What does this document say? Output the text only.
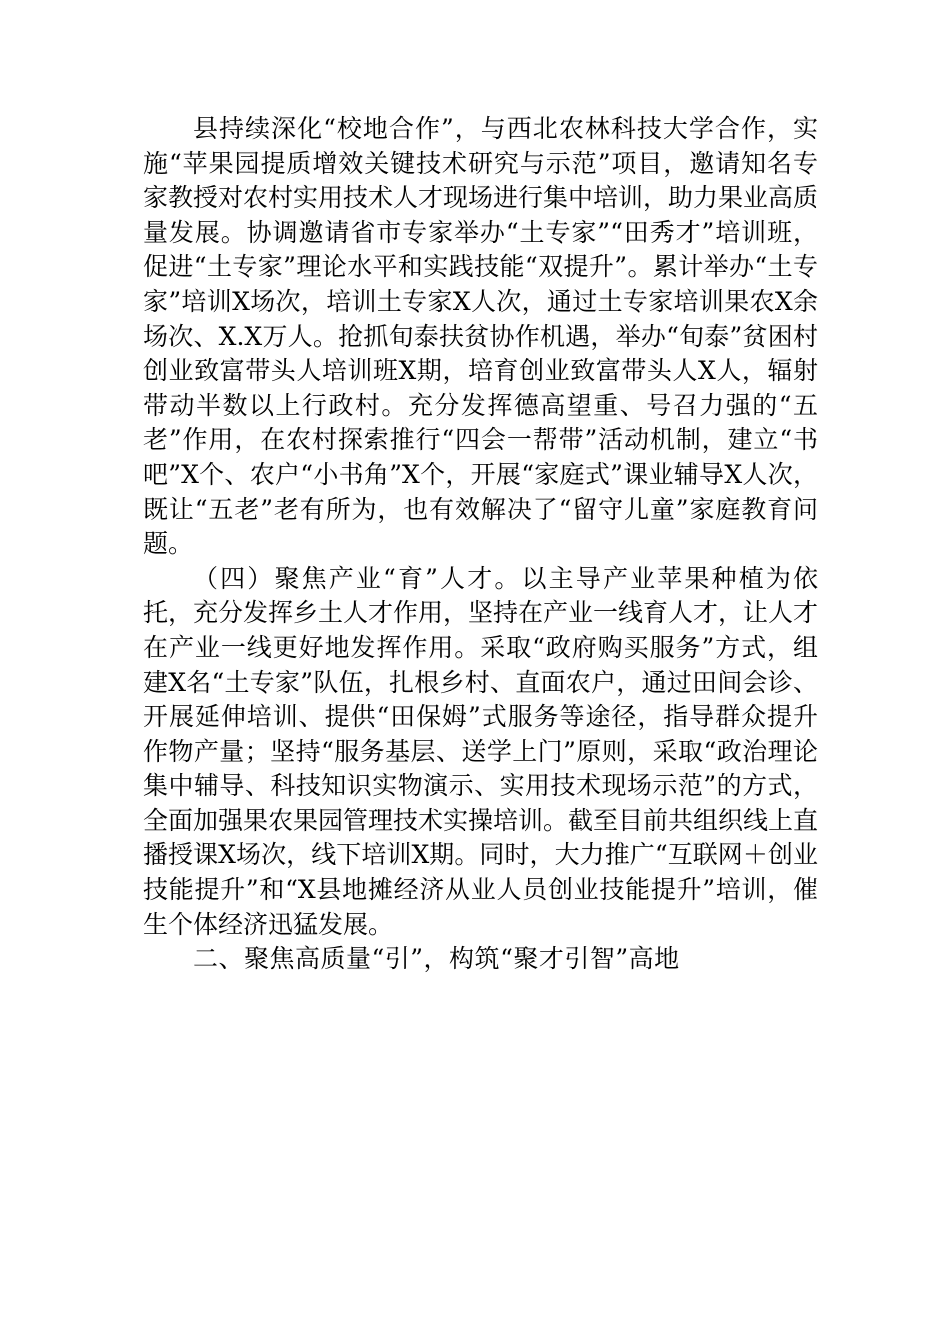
县持续深化“校地合作”，与西北农林科技大学合作，实施“苹果园提质增效关键技术研究与示范”项目，邀请知名专家教授对农村实用技术人才现场进行集中培训，助力果业高质量发展。协调邀请省市专家举办“土专家”“田秀才”培训班，促进“土专家”理论水平和实践技能“双提升”。累计举办“土专家”培训X场次，培训土专家X人次，通过土专家培训果农X余场次、X.X万人。抢抓旬泰扶贫协作机遇，举办“旬泰”贫困村创业致富带头人培训班X期，培育创业致富带头人X人，辐射带动半数以上行政村。充分发挥德高望重、号召力强的“五老”作用，在农村探索推行“四会一帮带”活动机制，建立“书吧”X个、农户“小书角”X个，开展“家庭式”课业辅导X人次，既让“五老”老有所为，也有效解决了“留守儿童”家庭教育问题。

（四）聚焦产业“育”人才。以主导产业苹果种植为依托，充分发挥乡土人才作用，坚持在产业一线育人才，让人才在产业一线更好地发挥作用。采取“政府购买服务”方式，组建X名“土专家”队伍，扎根乡村、直面农户，通过田间会诊、开展延伸培训、提供“田保姆”式服务等途径，指导群众提升作物产量；坚持“服务基层、送学上门”原则，采取“政治理论集中辅导、科技知识实物演示、实用技术现场示范”的方式，全面加强果农果园管理技术实操培训。截至目前共组织线上直播授课X场次，线下培训X期。同时，大力推广“互联网＋创业技能提升”和“X县地摊经济从业人员创业技能提升”培训，催生个体经济迅猛发展。

二、聚焦高质量“引”，构筑“聚才引智”高地
